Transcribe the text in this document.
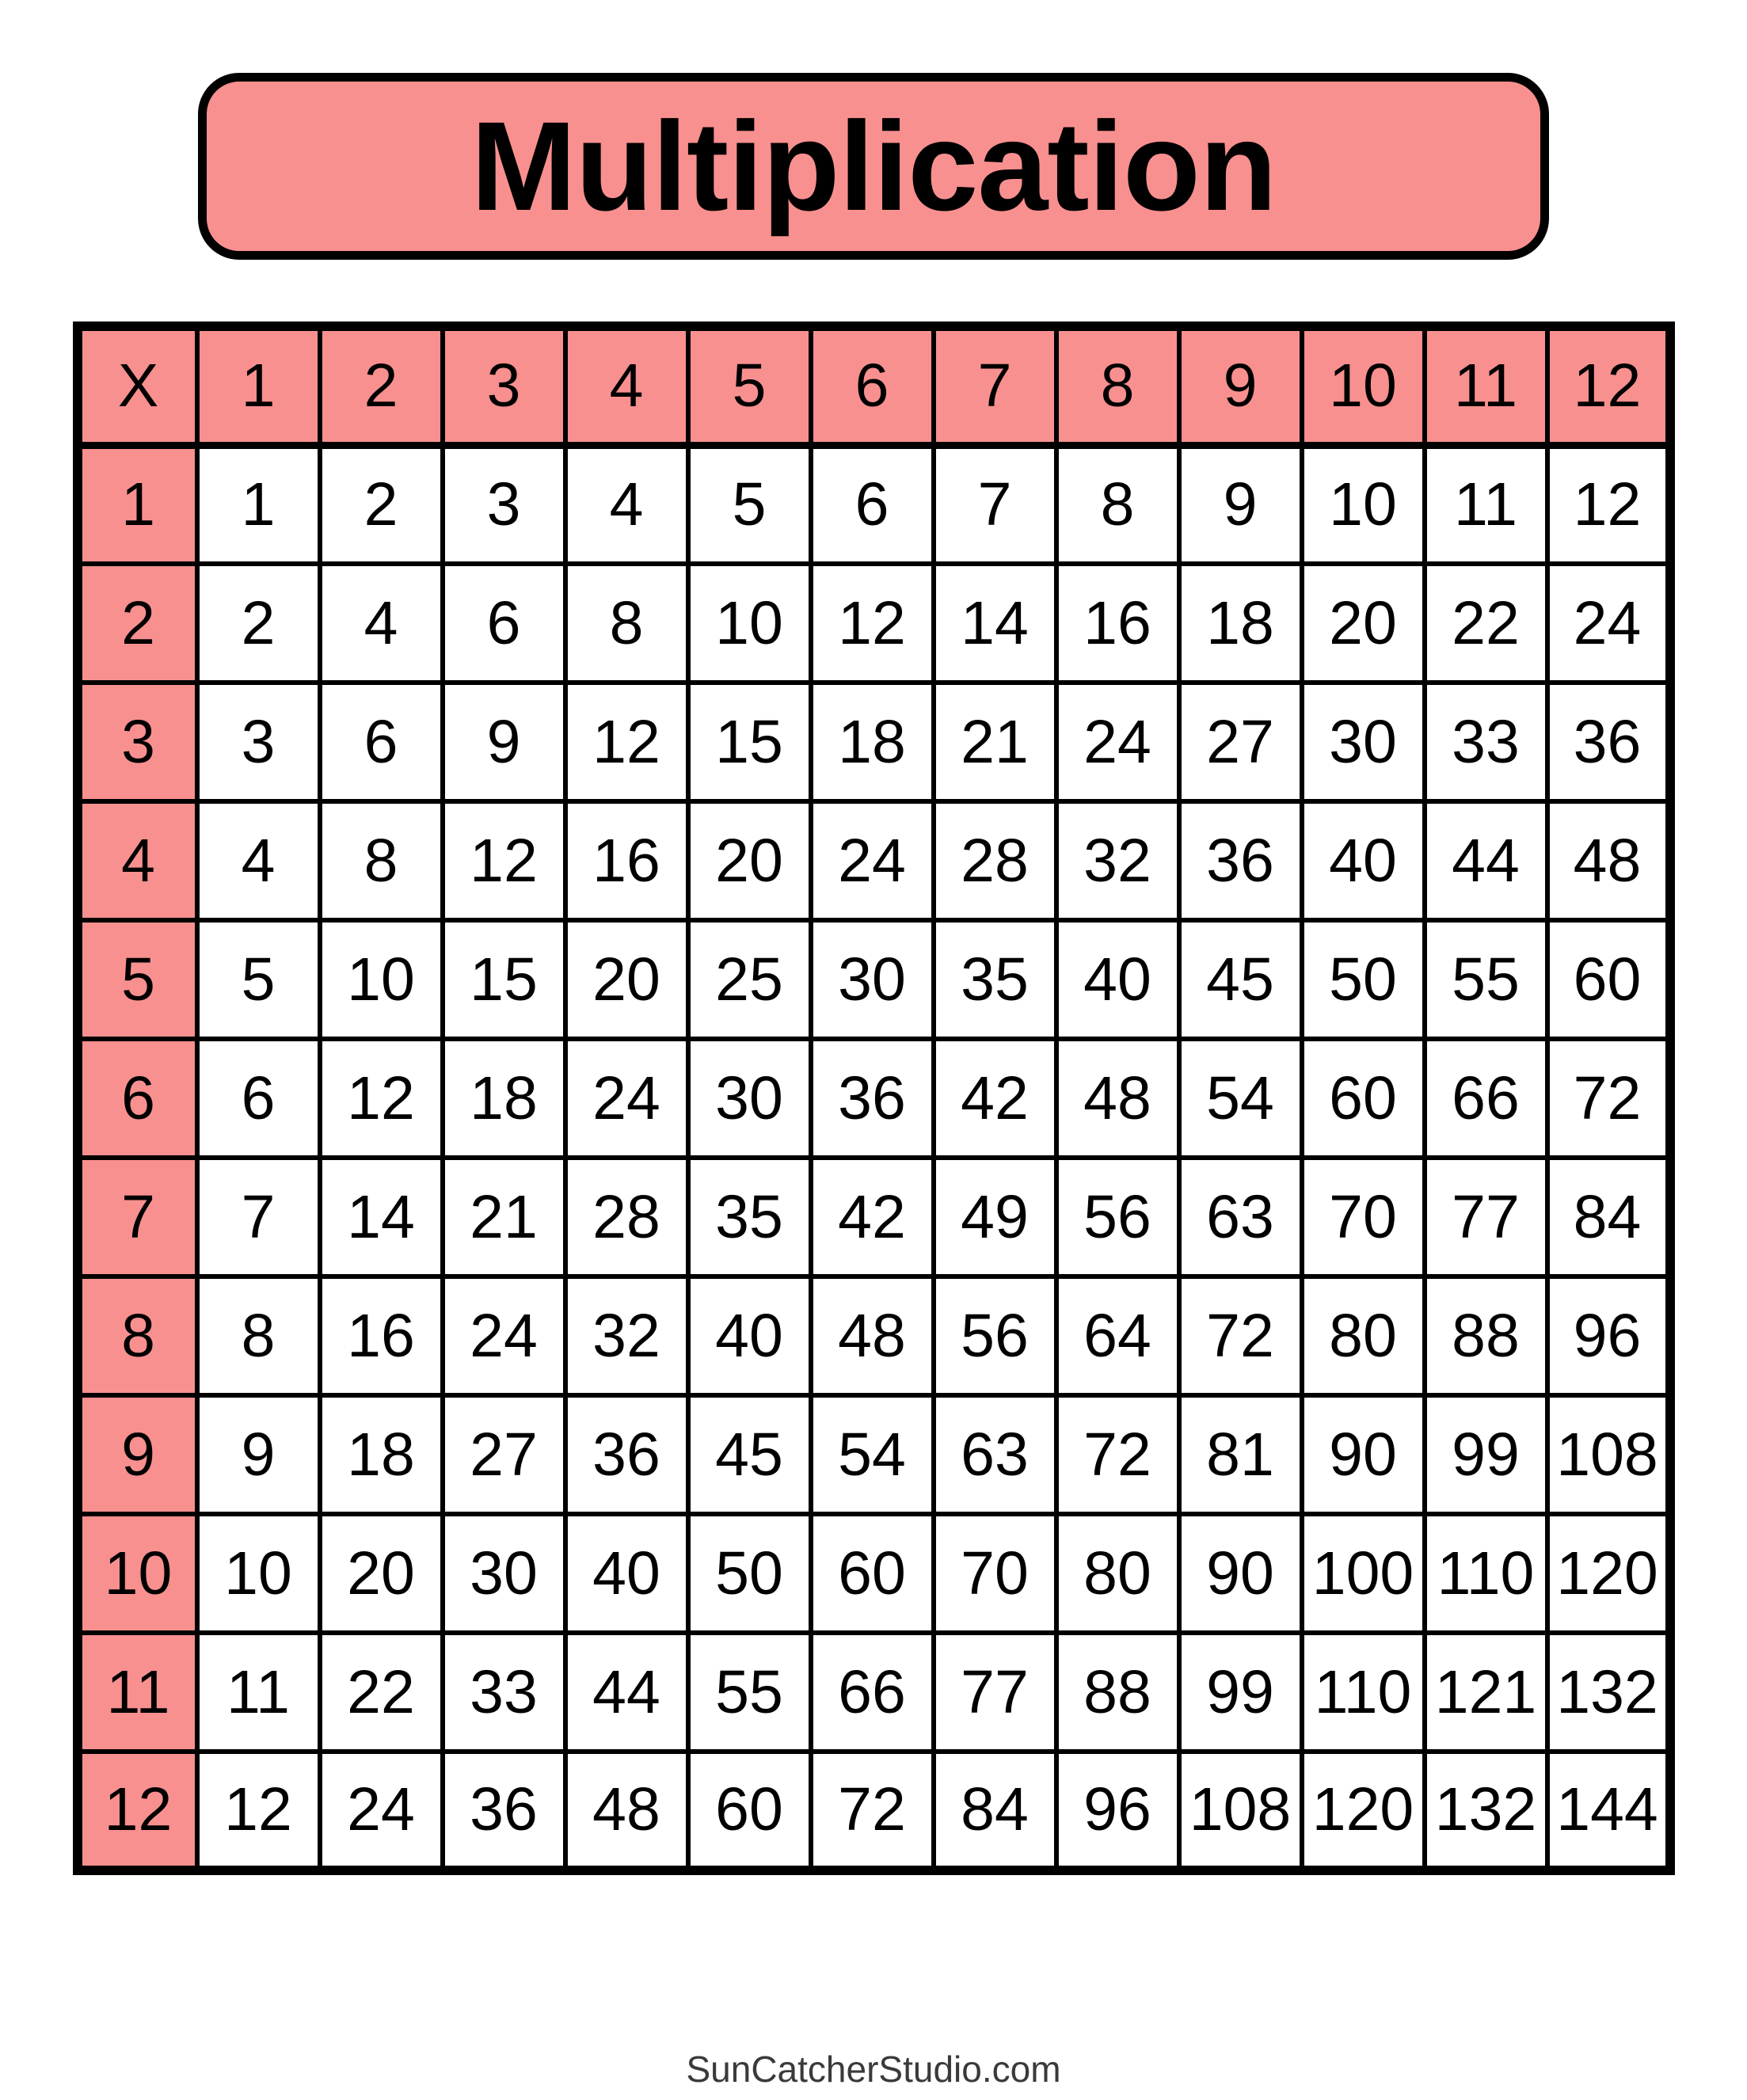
Multiplication
X	1	2	3	4	5	6	7	8	9	10	11	12
1	1	2	3	4	5	6	7	8	9	10	11	12
2	2	4	6	8	10	12	14	16	18	20	22	24
3	3	6	9	12	15	18	21	24	27	30	33	36
4	4	8	12	16	20	24	28	32	36	40	44	48
5	5	10	15	20	25	30	35	40	45	50	55	60
6	6	12	18	24	30	36	42	48	54	60	66	72
7	7	14	21	28	35	42	49	56	63	70	77	84
8	8	16	24	32	40	48	56	64	72	80	88	96
9	9	18	27	36	45	54	63	72	81	90	99	108
10	10	20	30	40	50	60	70	80	90	100	110	120
11	11	22	33	44	55	66	77	88	99	110	121	132
12	12	24	36	48	60	72	84	96	108	120	132	144
SunCatcherStudio.com
